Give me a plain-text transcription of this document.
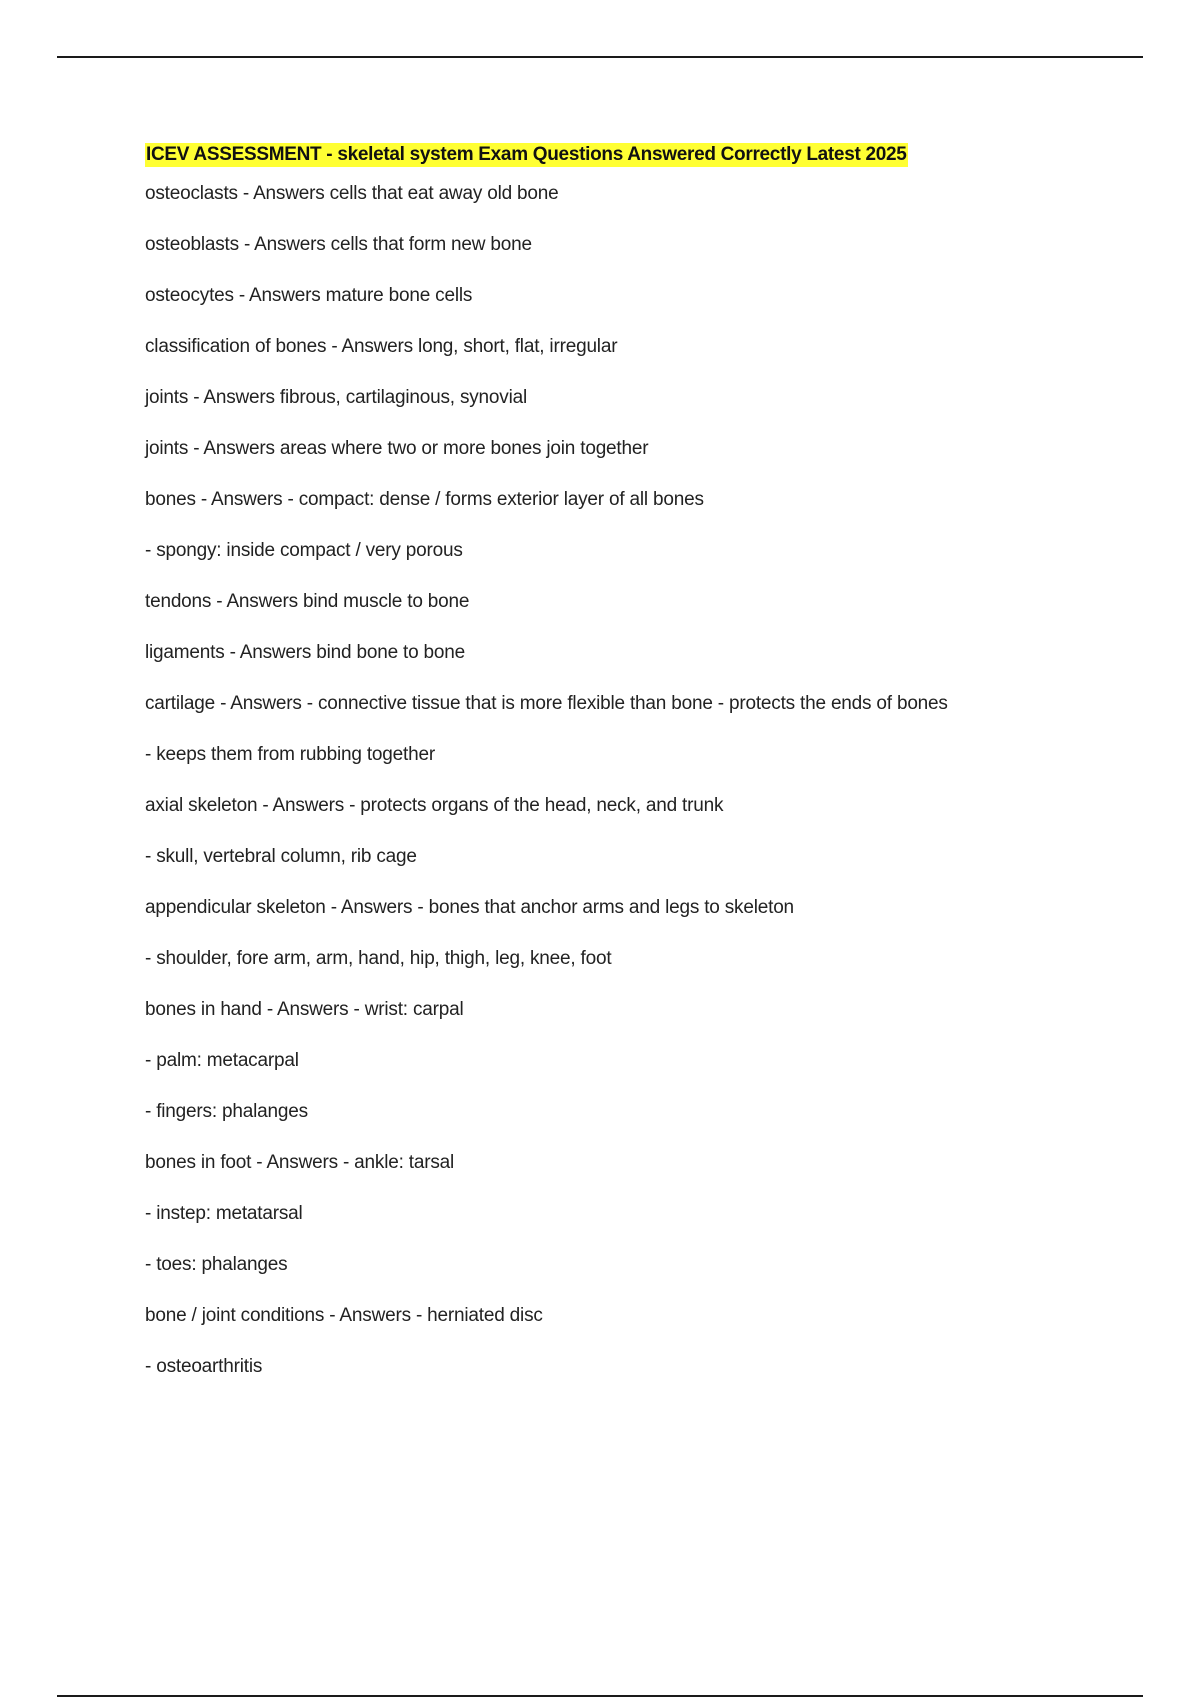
ICEV ASSESSMENT - skeletal system Exam Questions Answered Correctly Latest 2025
osteoclasts - Answers cells that eat away old bone
osteoblasts - Answers cells that form new bone
osteocytes - Answers mature bone cells
classification of bones - Answers long, short, flat, irregular
joints - Answers fibrous, cartilaginous, synovial
joints - Answers areas where two or more bones join together
bones - Answers - compact: dense / forms exterior layer of all bones
- spongy: inside compact / very porous
tendons - Answers bind muscle to bone
ligaments - Answers bind bone to bone
cartilage - Answers - connective tissue that is more flexible than bone - protects the ends of bones
- keeps them from rubbing together
axial skeleton - Answers - protects organs of the head, neck, and trunk
- skull, vertebral column, rib cage
appendicular skeleton - Answers - bones that anchor arms and legs to skeleton
- shoulder, fore arm, arm, hand, hip, thigh, leg, knee, foot
bones in hand - Answers - wrist: carpal
- palm: metacarpal
- fingers: phalanges
bones in foot - Answers - ankle: tarsal
- instep: metatarsal
- toes: phalanges
bone / joint conditions - Answers - herniated disc
- osteoarthritis
